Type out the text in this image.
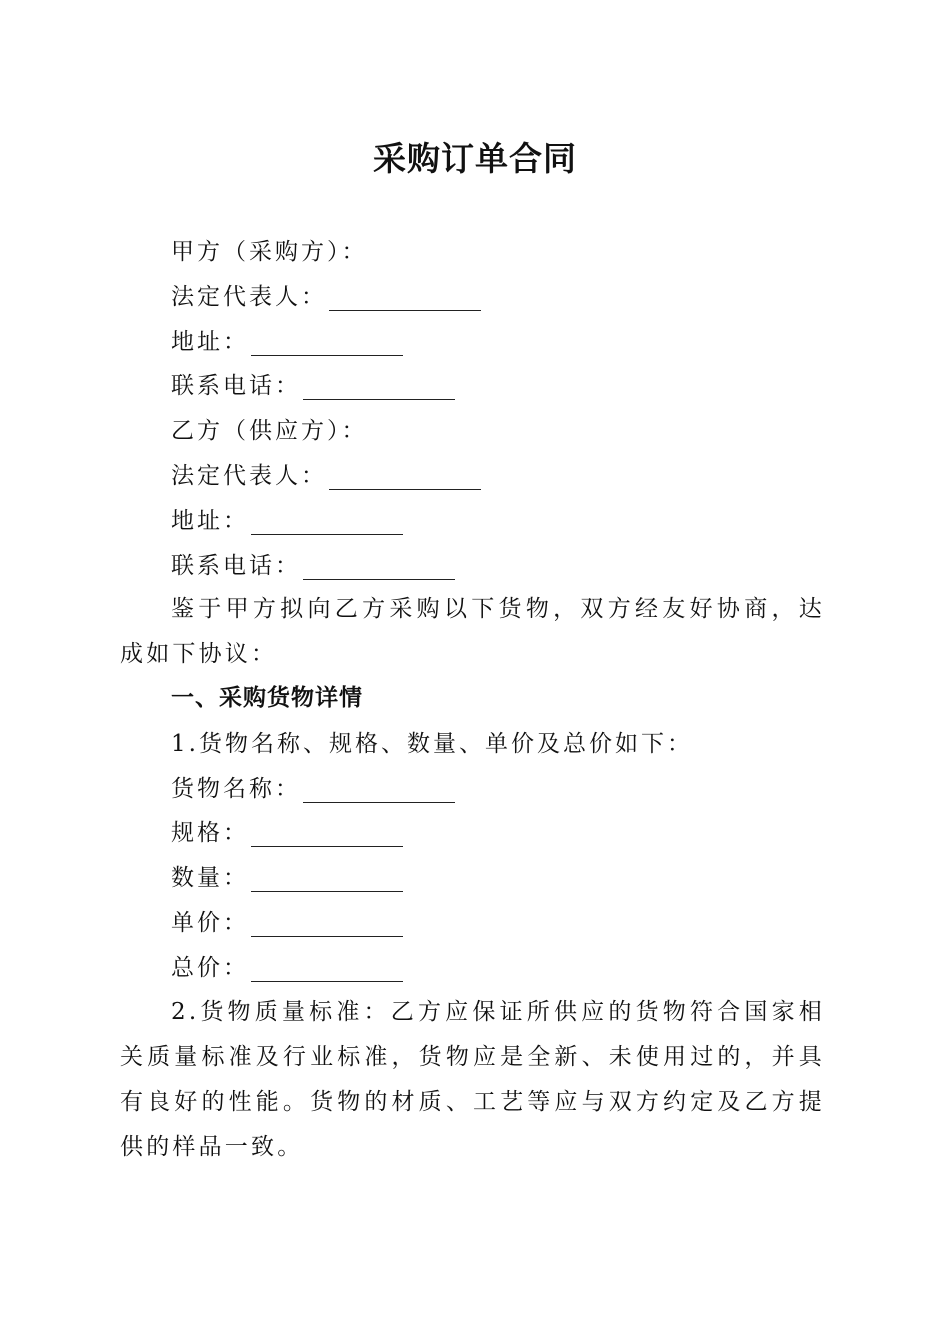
采购订单合同
甲方（采购方）：
法定代表人：
地址：
联系电话：
乙方（供应方）：
法定代表人：
地址：
联系电话：
鉴于甲方拟向乙方采购以下货物，双方经友好协商，达成如下协议：
一、采购货物详情
1.货物名称、规格、数量、单价及总价如下：
货物名称：
规格：
数量：
单价：
总价：
2.货物质量标准：乙方应保证所供应的货物符合国家相关质量标准及行业标准，货物应是全新、未使用过的，并具有良好的性能。货物的材质、工艺等应与双方约定及乙方提供的样品一致。
